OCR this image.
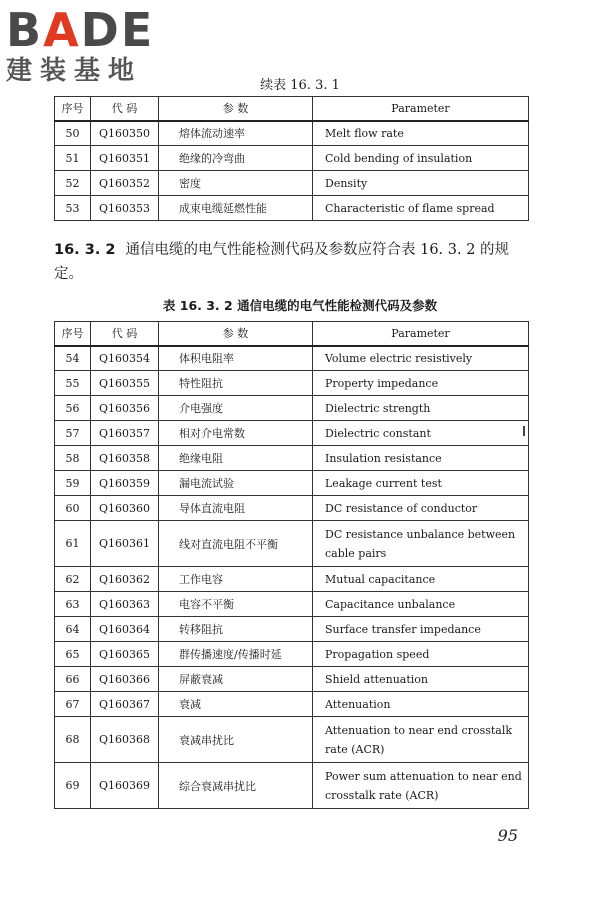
BADE
建装基地	续表 16. 3. 1
序号	代 码	参 数	Parameter
50	Q160350	熔体流动速率	Melt flow rate
51	Q160351	绝缘的冷弯曲	Cold bending of insulation
52	Q160352	密度	Density
53	Q160353	成束电缆延燃性能	Characteristic of flame spread
16. 3. 2 通信电缆的电气性能检测代码及参数应符合表 16. 3. 2 的规定。
表 16. 3. 2 通信电缆的电气性能检测代码及参数
序号	代 码	参 数	Parameter
54	Q160354	体积电阻率	Volume electric resistively
55	Q160355	特性阻抗	Property impedance
56	Q160356	介电强度	Dielectric strength
57	Q160357	相对介电常数	Dielectric constant
58	Q160358	绝缘电阻	Insulation resistance
59	Q160359	漏电流试验	Leakage current test
60	Q160360	导体直流电阻	DC resistance of conductor
61	Q160361	线对直流电阻不平衡	DC resistance unbalance between cable pairs
62	Q160362	工作电容	Mutual capacitance
63	Q160363	电容不平衡	Capacitance unbalance
64	Q160364	转移阻抗	Surface transfer impedance
65	Q160365	群传播速度/传播时延	Propagation speed
66	Q160366	屏蔽衰减	Shield attenuation
67	Q160367	衰减	Attenuation
68	Q160368	衰减串扰比	Attenuation to near end crosstalk rate (ACR)
69	Q160369	综合衰减串扰比	Power sum attenuation to near end crosstalk rate (ACR)
95
